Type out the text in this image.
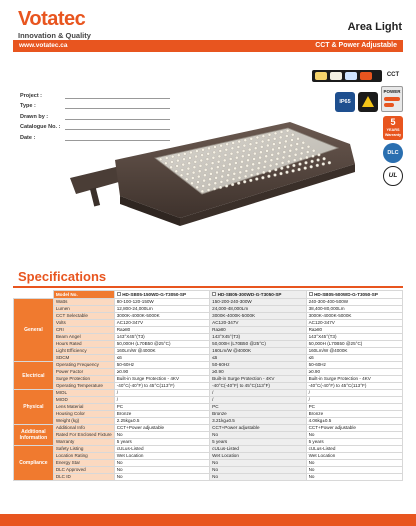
Votatec
Innovation & Quality
Area Light
www.votatec.ca	CCT & Power Adjustable
Project :
Type :
Drawn by :
Catalogue No. :
Date :
CCT
IP65
POWER
5
YEARS
Warranty
DLC
UL
Specifications
	Model No.	HD-SB05-150WD-G-T3050-SP	HD-SB05-300WD-G-T3050-SP	HD-SB05-500WD-G-T3050-SP
General	Watts	80-100-120-150W	150-200-240-300W	240-300-400-500W
	Lumen	12,800-24,000Lm	24,000-48,000Lm	38,400-80,000Lm
	CCT Selectable	3000K-4000K-5000K	3000K-4000K-5000K	3000K-4000K-5000K
	Volts	AC120-347V	AC120-347V	AC120-347V
	CRI	Ra≥80	Ra≥80	Ra≥80
	Beam Angel	143°X45°(T3)	143°X45°(T3)	143°X45°(T3)
	Hours Rated	50,000H (L70B50 @25°C)	50,000H (L70B50 @25°C)	50,000H (L70B50 @25°C)
	Light Efficiency	160Lm/W @4000K	160Lm/W @4000K	160Lm/W @4000K
	SDCM	≤6	≤6	≤6
Electrical	Operating Frequency	50-60Hz	50-60Hz	50-60Hz
	Power Factor	≥0.90	≥0.90	≥0.90
	Surge Protection	Built-in Surge Protection - 4KV	Built-in Surge Protection - 4KV	Built-in Surge Protection - 4KV
	Operating Temperature	-40°C(-40°F) to 45°C(113°F)	-40°C(-40°F) to 45°C(113°F)	-40°C(-40°F) to 45°C(113°F)
Physical	MIOL	/	/	/
	MIOD	/	/	/
	Lens Material	PC	PC	PC
	Housing Color	Bronze	Bronze	Bronze
	Weight (kg)	2.25kg±0.5	3.21kg±0.5	4.06kg±0.5
Additional Information	Additional Info	CCT+Power adjustable	CCT+Power adjustable	CCT+Power adjustable
	Rated For Enclosed Fixture	No	No	No
	Warranty	5 years	5 years	5 years
Compliance	Safety Listing	cULus-Listed	cULus-Listed	cULus-Listed
	Location Rating	Wet Location	Wet Location	Wet Location
	Energy Star	No	No	No
	DLC Approved	No	No	No
	DLC ID	No	No	No
